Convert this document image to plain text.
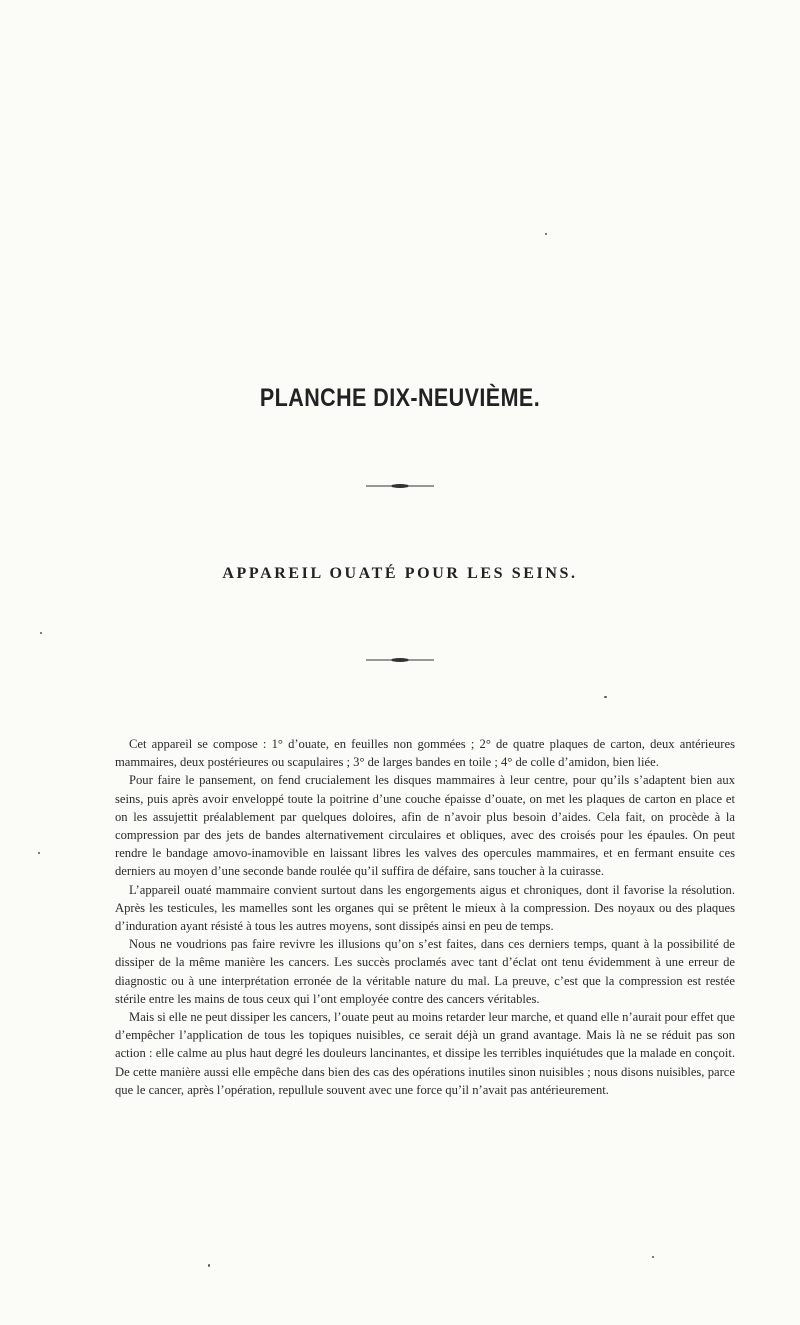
PLANCHE DIX-NEUVIÈME.
APPAREIL OUATÉ POUR LES SEINS.

Cet appareil se compose : 1° d’ouate, en feuilles non gommées ; 2° de quatre plaques de carton, deux antérieures mammaires, deux postérieures ou scapulaires ; 3° de larges bandes en toile ; 4° de colle d’amidon, bien liée.

Pour faire le pansement, on fend crucialement les disques mammaires à leur centre, pour qu’ils s’adaptent bien aux seins, puis après avoir enveloppé toute la poitrine d’une couche épaisse d’ouate, on met les plaques de carton en place et on les assujettit préalablement par quelques doloires, afin de n’avoir plus besoin d’aides. Cela fait, on procède à la compression par des jets de bandes alternativement circulaires et obliques, avec des croisés pour les épaules. On peut rendre le bandage amovo-inamovible en laissant libres les valves des opercules mammaires, et en fermant ensuite ces derniers au moyen d’une seconde bande roulée qu’il suffira de défaire, sans toucher à la cuirasse.

L’appareil ouaté mammaire convient surtout dans les engorgements aigus et chroniques, dont il favorise la résolution. Après les testicules, les mamelles sont les organes qui se prêtent le mieux à la compression. Des noyaux ou des plaques d’induration ayant résisté à tous les autres moyens, sont dissipés ainsi en peu de temps.

Nous ne voudrions pas faire revivre les illusions qu’on s’est faites, dans ces derniers temps, quant à la possibilité de dissiper de la même manière les cancers. Les succès proclamés avec tant d’éclat ont tenu évidemment à une erreur de diagnostic ou à une interprétation erronée de la véritable nature du mal. La preuve, c’est que la compression est restée stérile entre les mains de tous ceux qui l’ont employée contre des cancers véritables.

Mais si elle ne peut dissiper les cancers, l’ouate peut au moins retarder leur marche, et quand elle n’aurait pour effet que d’empêcher l’application de tous les topiques nuisibles, ce serait déjà un grand avantage. Mais là ne se réduit pas son action : elle calme au plus haut degré les douleurs lancinantes, et dissipe les terribles inquiétudes que la malade en conçoit. De cette manière aussi elle empêche dans bien des cas des opérations inutiles sinon nuisibles ; nous disons nuisibles, parce que le cancer, après l’opération, repullule souvent avec une force qu’il n’avait pas antérieurement.
